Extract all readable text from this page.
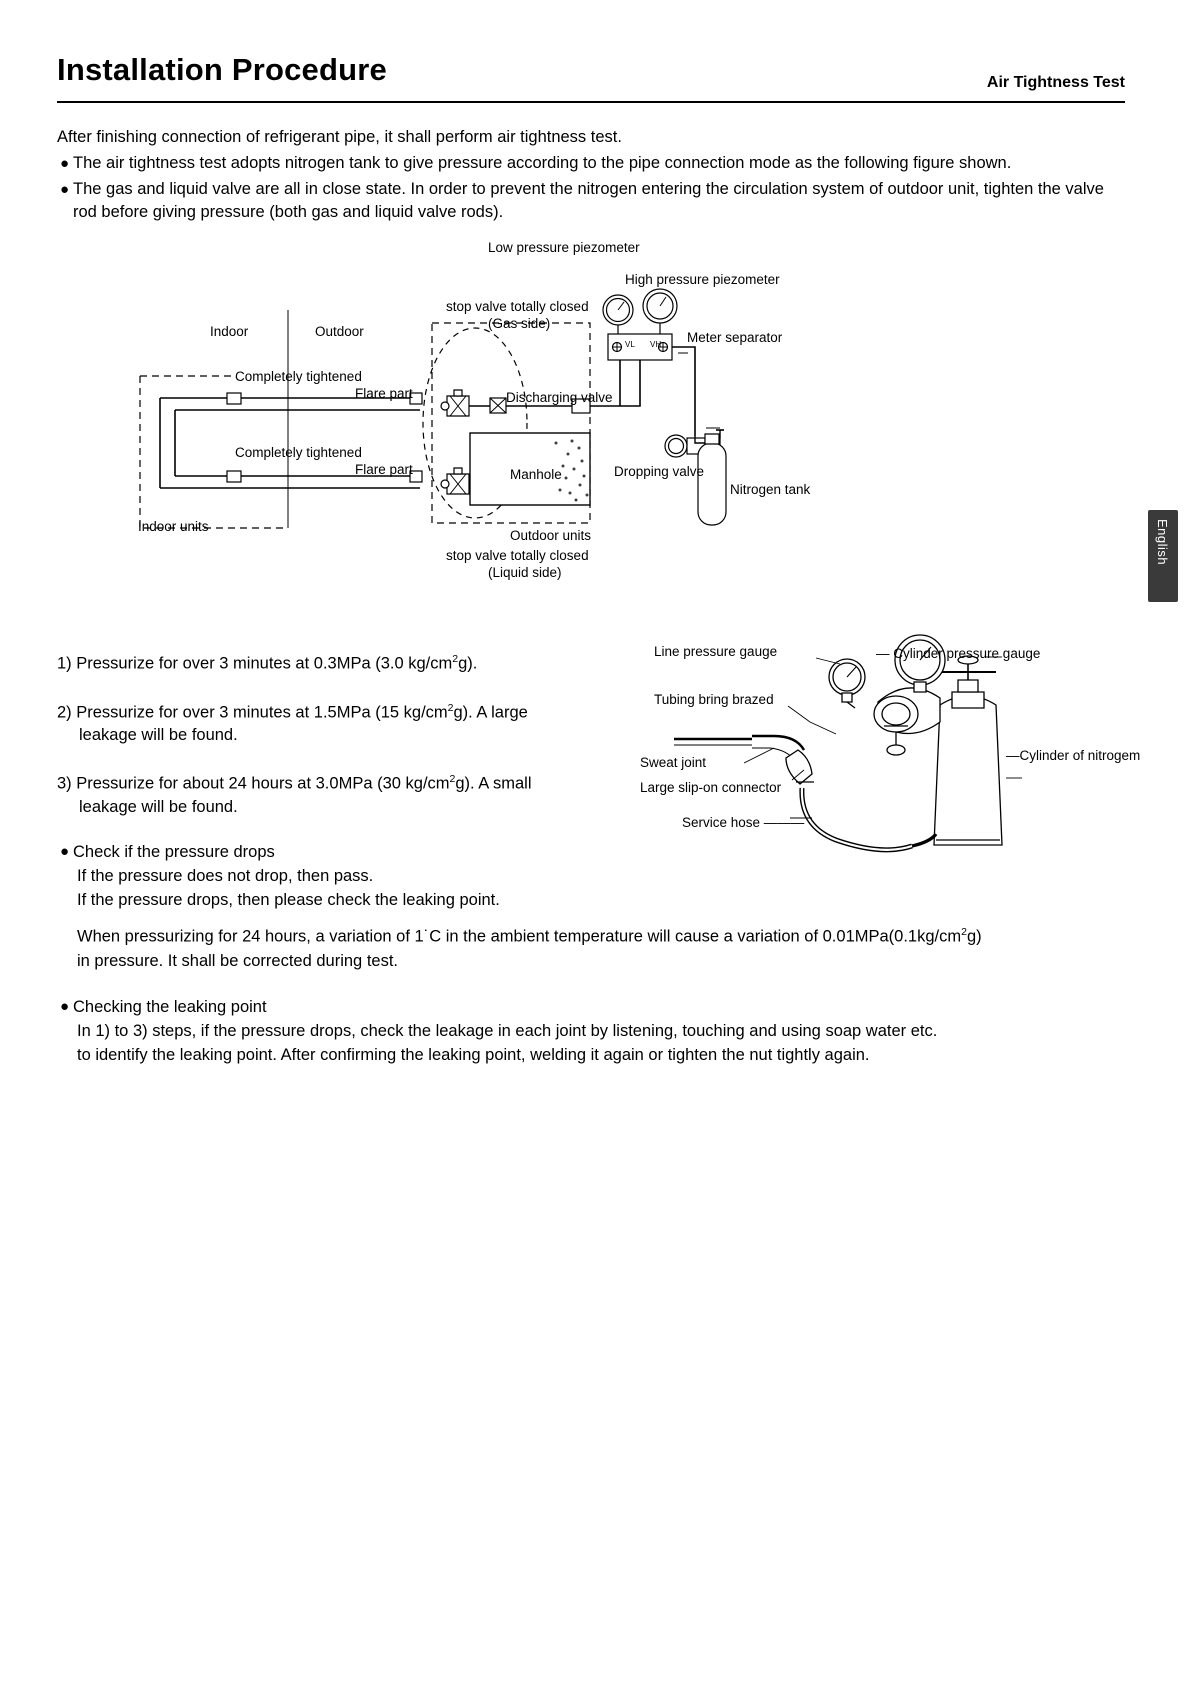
Installation Procedure	Air Tightness Test

After finishing connection of refrigerant pipe, it shall perform air tightness test.

● The air tightness test adopts nitrogen tank to give pressure according to the pipe connection mode as the following figure shown.
● The gas and liquid valve are all in close state. In order to prevent the nitrogen entering the circulation system of outdoor unit, tighten the valve rod before giving pressure (both gas and liquid valve rods).
Low pressure piezometer
High pressure piezometer
Meter separator
stop valve totally closed
(Gas side)
stop valve totally closed
(Liquid side)
Indoor	Outdoor
Completely tightened
Flare part
Completely tightened
Flare part
Indoor units
Outdoor units
Discharging valve
Dropping valve
Manhole
Nitrogen tank
VL VH
1) Pressurize for over 3 minutes at 0.3MPa (3.0 $kg/cm^2g$).
2) Pressurize for over 3 minutes at 1.5MPa (15 $kg/cm^2g$). A large
leakage will be found.
3) Pressurize for about 24 hours at 3.0MPa (30 $kg/cm^2g$). A small
leakage will be found.
Line pressure gauge	— Cylinder pressure gauge
Tubing bring brazed
Sweat joint
Large slip-on connector
Service hose ———
—Cylinder of nitrogem
● Check if the pressure drops
If the pressure does not drop, then pass.
If the pressure drops, then please check the leaking point.
When pressurizing for 24 hours, a variation of 1˙C in the ambient temperature will cause a variation of $0.01MPa(0.1kg/cm^2g)$
in pressure. It shall be corrected during test.
● Checking the leaking point
In 1) to 3) steps, if the pressure drops, check the leakage in each joint by listening, touching and using soap water etc.
to identify the leaking point. After confirming the leaking point, welding it again or tighten the nut tightly again.
English
